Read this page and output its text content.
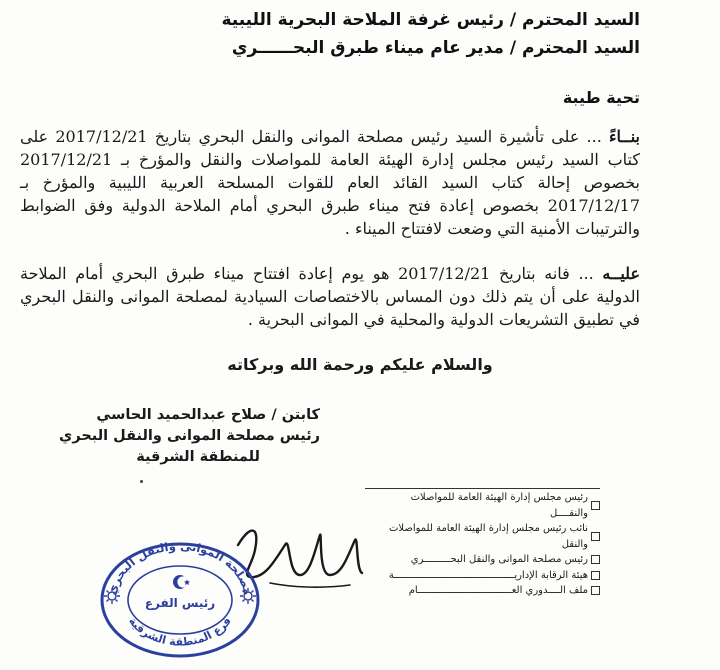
السيد المحترم / رئيس غرفة الملاحة البحرية الليبية
السيد المحترم / مدير عام ميناء طبرق البحــــــري
تحية طيبة

بنــاءً ... على تأشيرة السيد رئيس مصلحة الموانى والنقل البحري بتاريخ 2017/12/21 على كتاب السيد رئيس مجلس إدارة الهيئة العامة للمواصلات والنقل والمؤرخ بـ 2017/12/21 بخصوص إحالة كتاب السيد القائد العام للقوات المسلحة العربية الليبية والمؤرخ بـ 2017/12/17 بخصوص إعادة فتح ميناء طبرق البحري أمام الملاحة الدولية وفق الضوابط والترتيبات الأمنية التي وضعت لافتتاح الميناء .

عليــه ... فانه بتاريخ 2017/12/21 هو يوم إعادة افتتاح ميناء طبرق البحري أمام الملاحة الدولية على أن يتم ذلك دون المساس بالاختصاصات السيادية لمصلحة الموانى والنقل البحري في تطبيق التشريعات الدولية والمحلية في الموانى البحرية .

والسلام عليكم ورحمة الله وبركاته
كابتن / صلاح عبدالحميد الحاسي
رئيس مصلحة الموانى والنقل البحري
للمنطقة الشرقية
رئيس مجلس إدارة الهيئة العامة للمواصلات والنقــــل
نائب رئيس مجلس إدارة الهيئة العامة للمواصلات والنقل
رئيس مصلحة الموانى والنقل البحـــــــــري
هيئة الرقابة الإداريـــــــــــــــــــــــــــــــــــــــــة
ملف الــــدوري العــــــــــــــــــــــــــــــــام
مصلحة الموانى والنقل البحري
فرع المنطقة الشرقية
رئيس الفرع
